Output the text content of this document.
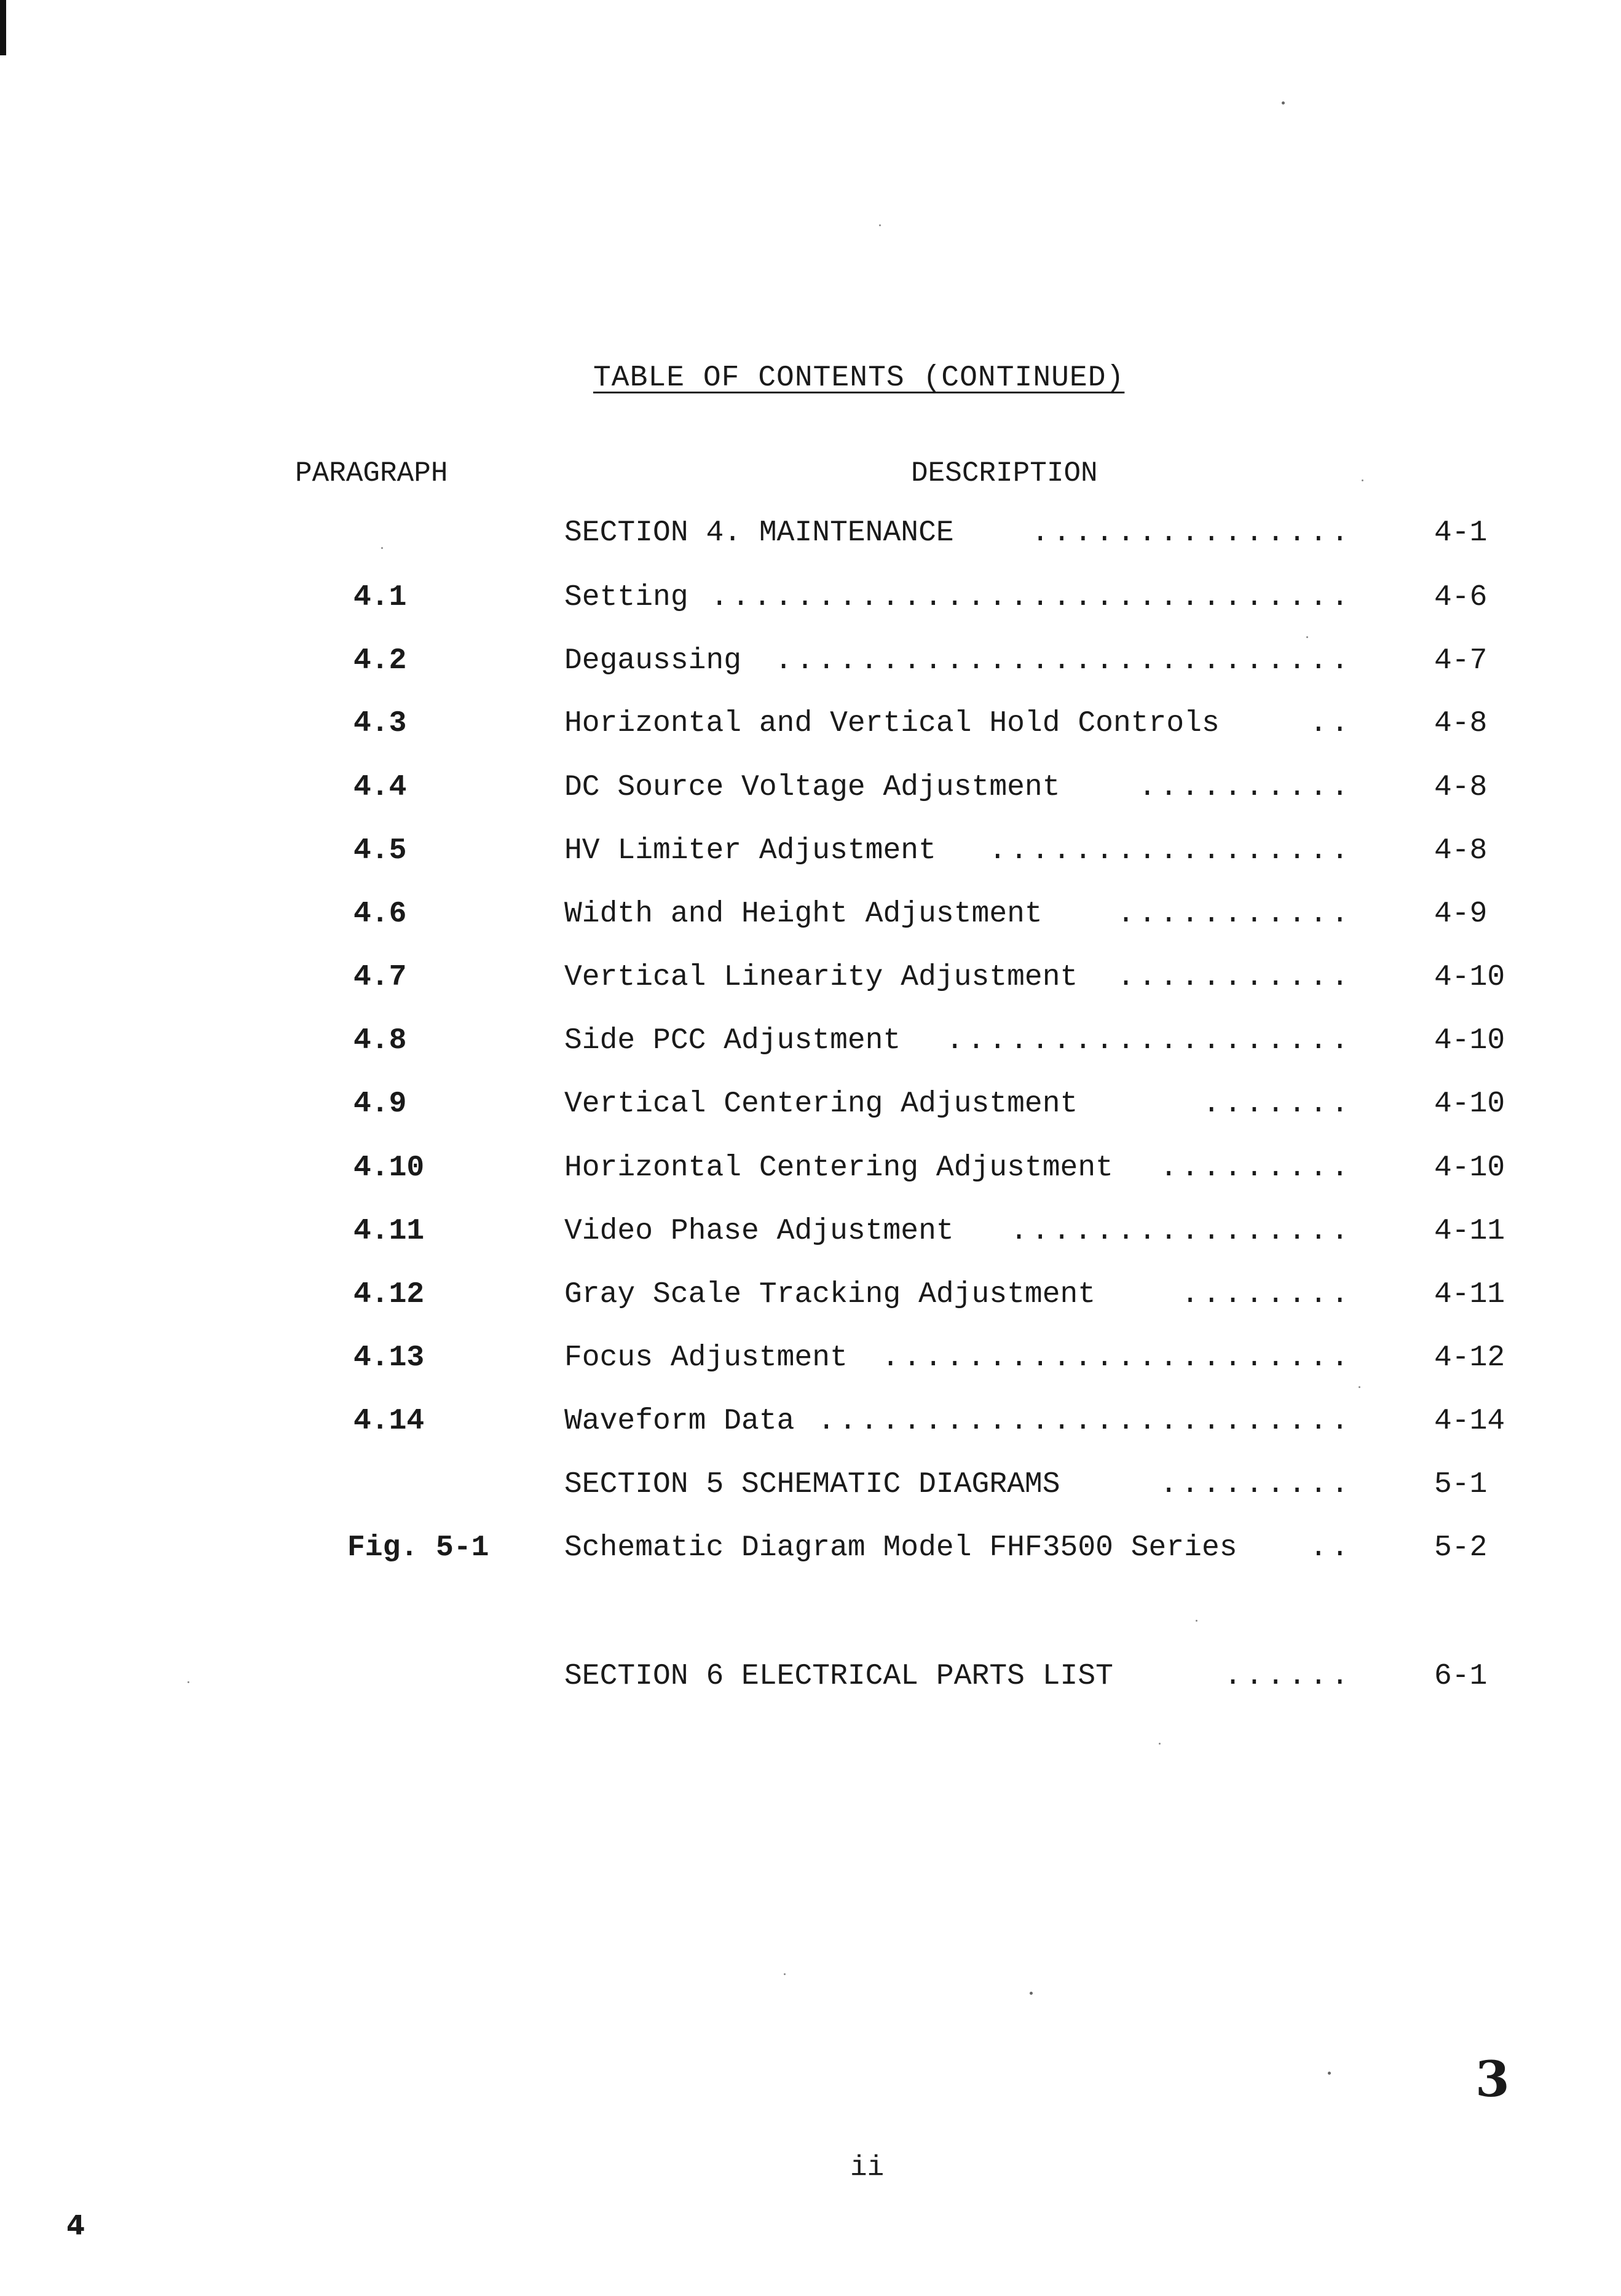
TABLE OF CONTENTS (CONTINUED)
PARAGRAPH	DESCRIPTION
SECTION 4. MAINTENANCE	...............	4-1
4.1	Setting ..............................	4-6
4.2	Degaussing ...........................	4-7
4.3	Horizontal and Vertical Hold Controls	..	4-8
4.4	DC Source Voltage Adjustment	..........	4-8
4.5	HV Limiter Adjustment .................	4-8
4.6	Width and Height Adjustment	...........	4-9
4.7	Vertical Linearity Adjustment ...........	4-10
4.8	Side PCC Adjustment ...................	4-10
4.9	Vertical Centering Adjustment	.......	4-10
4.10	Horizontal Centering Adjustment .........	4-10
4.11	Video Phase Adjustment ................	4-11
4.12	Gray Scale Tracking Adjustment	........	4-11
4.13	Focus Adjustment ......................	4-12
4.14	Waveform Data .........................	4-14
SECTION 5 SCHEMATIC DIAGRAMS	.........	5-1
Fig. 5-1	Schematic Diagram Model FHF3500 Series ..	5-2
SECTION 6 ELECTRICAL PARTS LIST	......	6-1
ii
3
4
